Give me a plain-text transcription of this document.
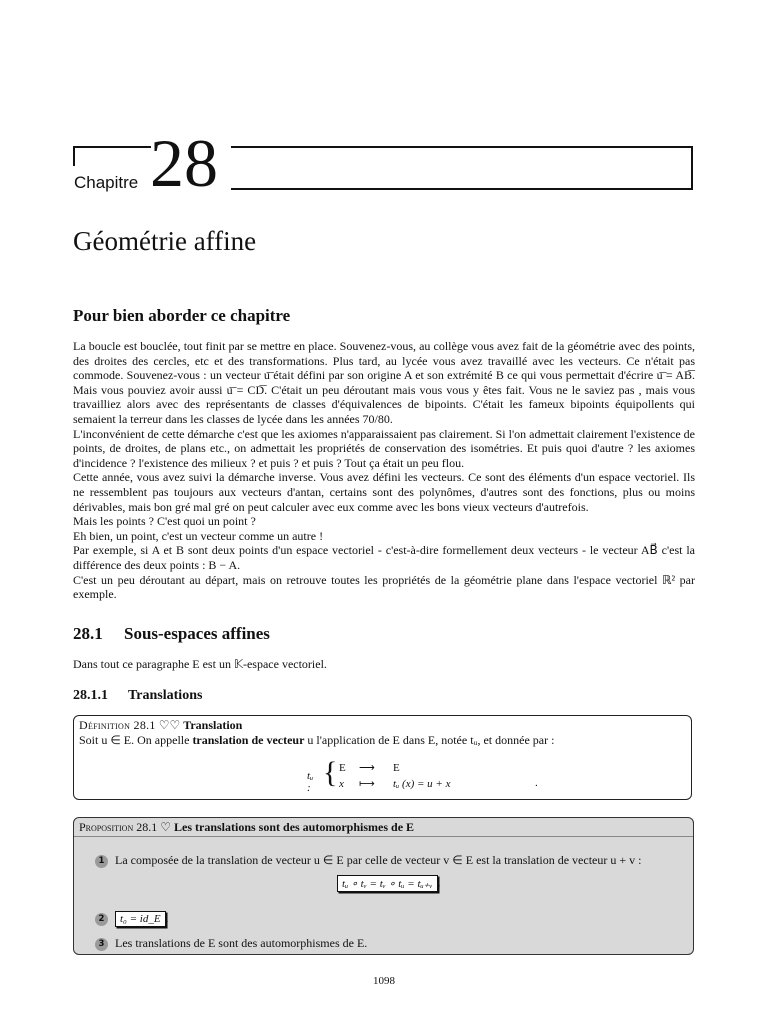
Chapitre 28

Géométrie affine
Pour bien aborder ce chapitre

La boucle est bouclée, tout finit par se mettre en place. Souvenez-vous, au collège vous avez fait de la géométrie avec des points, des droites des cercles, etc et des transformations. Plus tard, au lycée vous avez travaillé avec les vecteurs. Ce n'était pas commode. Souvenez-vous : un vecteur u͞ était défini par son origine A et son extrémité B ce qui vous permettait d'écrire u͞ = AB͞. Mais vous pouviez avoir aussi u͞ = CD͞. C'était un peu déroutant mais vous vous y êtes fait. Vous ne le saviez pas , mais vous travailliez alors avec des représentants de classes d'équivalences de bipoints. C'était les fameux bipoints équipollents qui semaient la terreur dans les classes de lycée dans les années 70/80.

L'inconvénient de cette démarche c'est que les axiomes n'apparaissaient pas clairement. Si l'on admettait clairement l'existence de points, de droites, de plans etc., on admettait les propriétés de conservation des isométries. Et puis quoi d'autre ? les axiomes d'incidence ? l'existence des milieux ? et puis ? et puis ? Tout ça était un peu flou.

Cette année, vous avez suivi la démarche inverse. Vous avez défini les vecteurs. Ce sont des éléments d'un espace vectoriel. Ils ne ressemblent pas toujours aux vecteurs d'antan, certains sont des polynômes, d'autres sont des fonctions, plus ou moins dérivables, mais bon gré mal gré on peut calculer avec eux comme avec les bons vieux vecteurs d'autrefois.

Mais les points ? C'est quoi un point ?

Eh bien, un point, c'est un vecteur comme un autre !

Par exemple, si A et B sont deux points d'un espace vectoriel - c'est-à-dire formellement deux vecteurs - le vecteur AB⃗ c'est la différence des deux points : B − A.

C'est un peu déroutant au départ, mais on retrouve toutes les propriétés de la géométrie plane dans l'espace vectoriel ℝ² par exemple.

28.1 Sous-espaces affines

Dans tout ce paragraphe E est un 𝕂-espace vectoriel.

28.1.1 Translations
Définition 28.1 ♡♡ Translation
Soit u ∈ E. On appelle translation de vecteur u l'application de E dans E, notée tᵤ, et donnée par :
tᵤ : { E ⟶ E
x ⟼ tᵤ (x) = u + x	.
Proposition 28.1 ♡ Les translations sont des automorphismes de E
1 La composée de la translation de vecteur u ∈ E par celle de vecteur v ∈ E est la translation de vecteur u + v :
tᵤ ∘ tᵥ = tᵥ ∘ tᵤ = tᵤ₊ᵥ .
2 t₀ = id_E .
3 Les translations de E sont des automorphismes de E.

1098
